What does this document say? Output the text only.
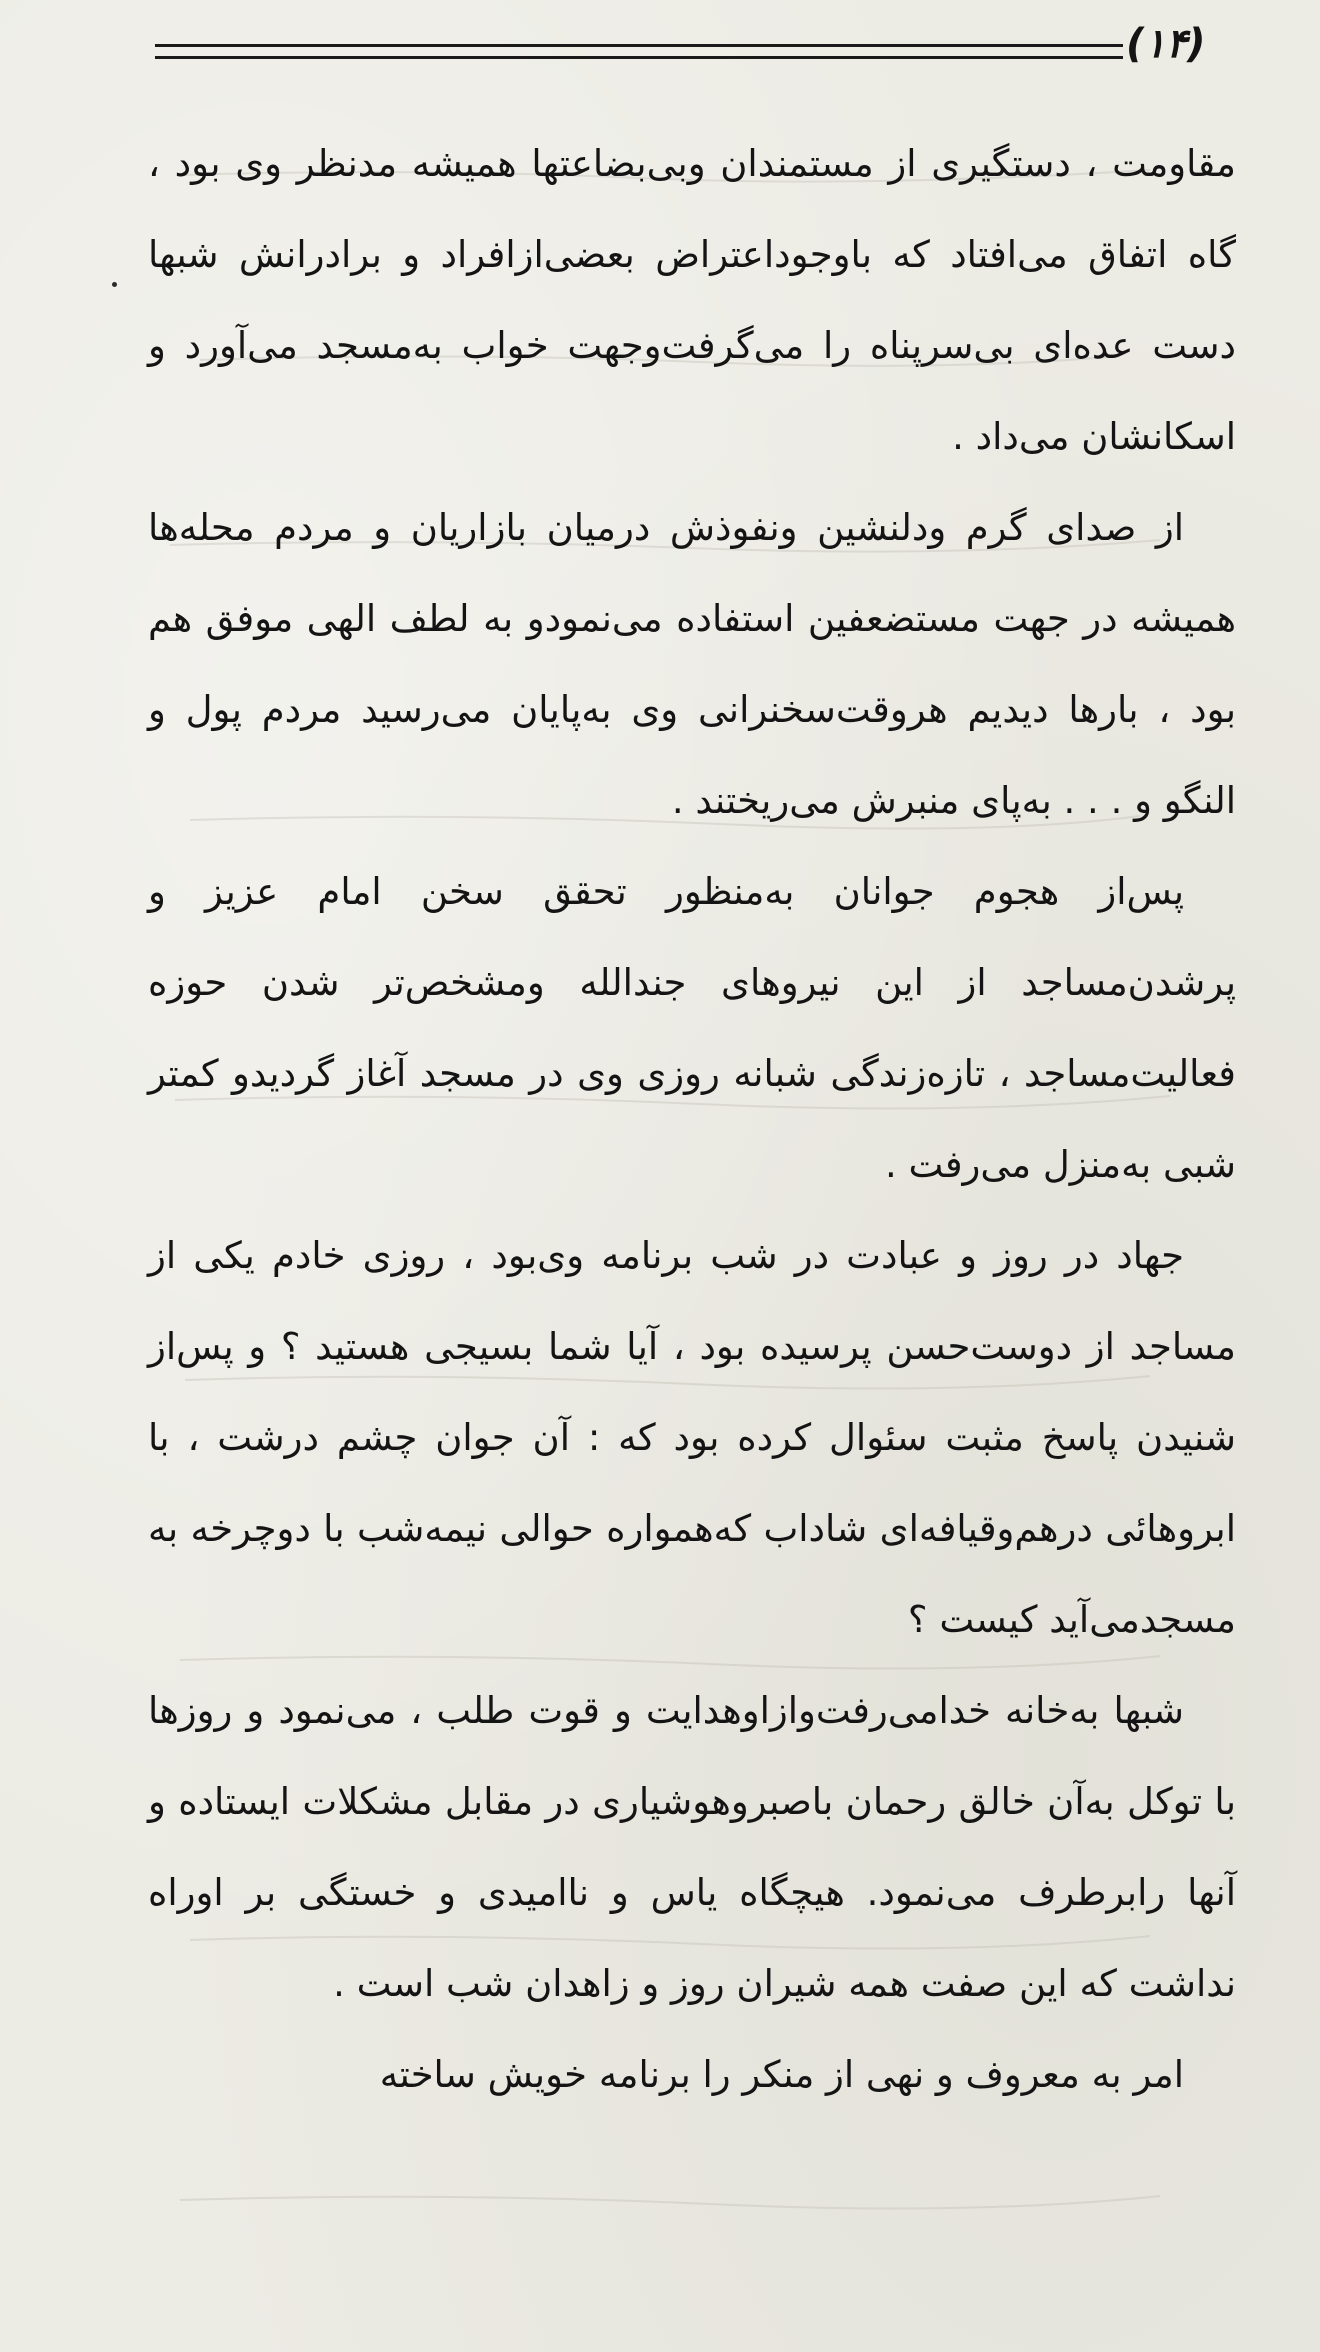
(۱۴)

مقاومت ، دستگیری از مستمندان وبی‌بضاعتها همیشه مدنظر وی بود ، گاه اتفاق می‌افتاد که باوجوداعتراض بعضی‌ازافراد و برادرانش شبها دست عده‌ای بی‌سرپناه را می‌گرفت‌وجهت خواب به‌مسجد می‌آورد و اسکانشان می‌داد .

از صدای گرم ودلنشین ونفوذش درمیان بازاریان و مردم محله‌ها همیشه در جهت مستضعفین استفاده می‌نمودو به لطف الهی موفق هم بود ، بارها دیدیم هروقت‌سخنرانی وی به‌پایان می‌رسید مردم پول و النگو و . . . به‌پای منبرش می‌ریختند .

پس‌از هجوم جوانان به‌منظور تحقق سخن امام عزیز و پرشدن‌مساجد از این نیروهای جندالله ومشخص‌تر شدن حوزه فعالیت‌مساجد ، تازه‌زندگی شبانه روزی وی در مسجد آغاز گردیدو کمتر شبی به‌منزل می‌رفت .

جهاد در روز و عبادت در شب برنامه وی‌بود ، روزی خادم یکی از مساجد از دوست‌حسن پرسیده بود ، آیا شما بسیجی هستید ؟ و پس‌از شنیدن پاسخ مثبت سئوال کرده بود که : آن جوان چشم درشت ، با ابروهائی درهم‌وقیافه‌ای شاداب که‌همواره حوالی نیمه‌شب با دوچرخه به مسجدمی‌آید کیست ؟

شبها به‌خانه خدامی‌رفت‌وازاوهدایت و قوت طلب ، می‌نمود و روزها با توکل به‌آن خالق رحمان باصبروهوشیاری در مقابل مشکلات ایستاده و آنها رابرطرف می‌نمود. هیچگاه یاس و ناامیدی و خستگی بر اوراه نداشت که این صفت همه شیران روز و زاهدان شب است .

امر به معروف و نهی از منکر را برنامه خویش ساخته
